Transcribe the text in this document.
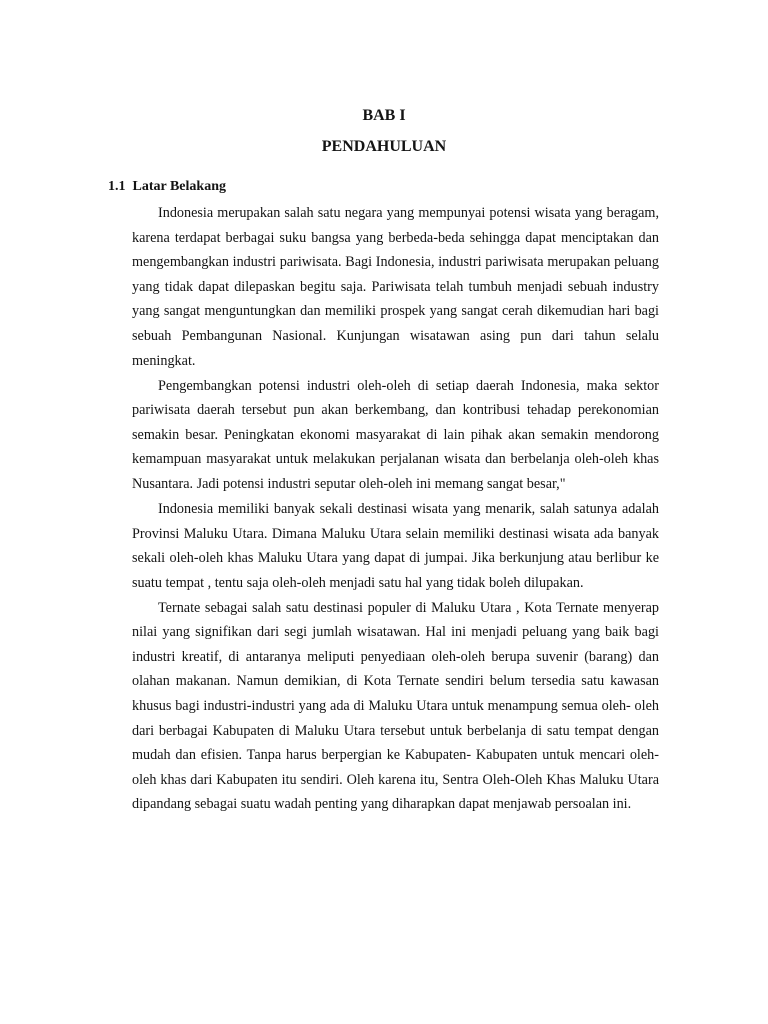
BAB I
PENDAHULUAN
1.1  Latar Belakang

Indonesia merupakan salah satu negara yang mempunyai potensi wisata yang beragam, karena terdapat berbagai suku bangsa yang berbeda-beda sehingga dapat menciptakan dan mengembangkan industri pariwisata. Bagi Indonesia, industri pariwisata merupakan peluang yang tidak dapat dilepaskan begitu saja. Pariwisata telah tumbuh menjadi sebuah industry yang sangat menguntungkan dan memiliki prospek yang sangat cerah dikemudian hari bagi sebuah Pembangunan Nasional. Kunjungan wisatawan asing pun dari tahun selalu meningkat.

Pengembangkan potensi industri oleh-oleh di setiap daerah Indonesia, maka sektor pariwisata daerah tersebut pun akan berkembang, dan kontribusi tehadap perekonomian semakin besar. Peningkatan ekonomi masyarakat di lain pihak akan semakin mendorong kemampuan masyarakat untuk melakukan perjalanan wisata dan berbelanja oleh-oleh khas Nusantara. Jadi potensi industri seputar oleh-oleh ini memang sangat besar,"

Indonesia memiliki banyak sekali destinasi wisata yang menarik, salah satunya adalah Provinsi Maluku Utara. Dimana Maluku Utara selain memiliki destinasi wisata ada banyak sekali oleh-oleh khas Maluku Utara yang dapat di jumpai. Jika berkunjung atau berlibur ke suatu tempat , tentu saja oleh-oleh menjadi satu hal yang tidak boleh dilupakan.

Ternate sebagai salah satu destinasi populer di Maluku Utara , Kota Ternate menyerap nilai yang signifikan dari segi jumlah wisatawan. Hal ini menjadi peluang yang baik bagi industri kreatif, di antaranya meliputi penyediaan oleh-oleh berupa suvenir (barang) dan olahan makanan. Namun demikian, di Kota Ternate sendiri belum tersedia satu kawasan khusus bagi industri-industri yang ada di Maluku Utara untuk menampung semua oleh- oleh dari berbagai Kabupaten di Maluku Utara tersebut untuk berbelanja di satu tempat dengan mudah dan efisien. Tanpa harus berpergian ke Kabupaten- Kabupaten untuk mencari oleh-oleh khas dari Kabupaten itu sendiri. Oleh karena itu, Sentra Oleh-Oleh Khas Maluku Utara dipandang sebagai suatu wadah penting yang diharapkan dapat menjawab persoalan ini.
